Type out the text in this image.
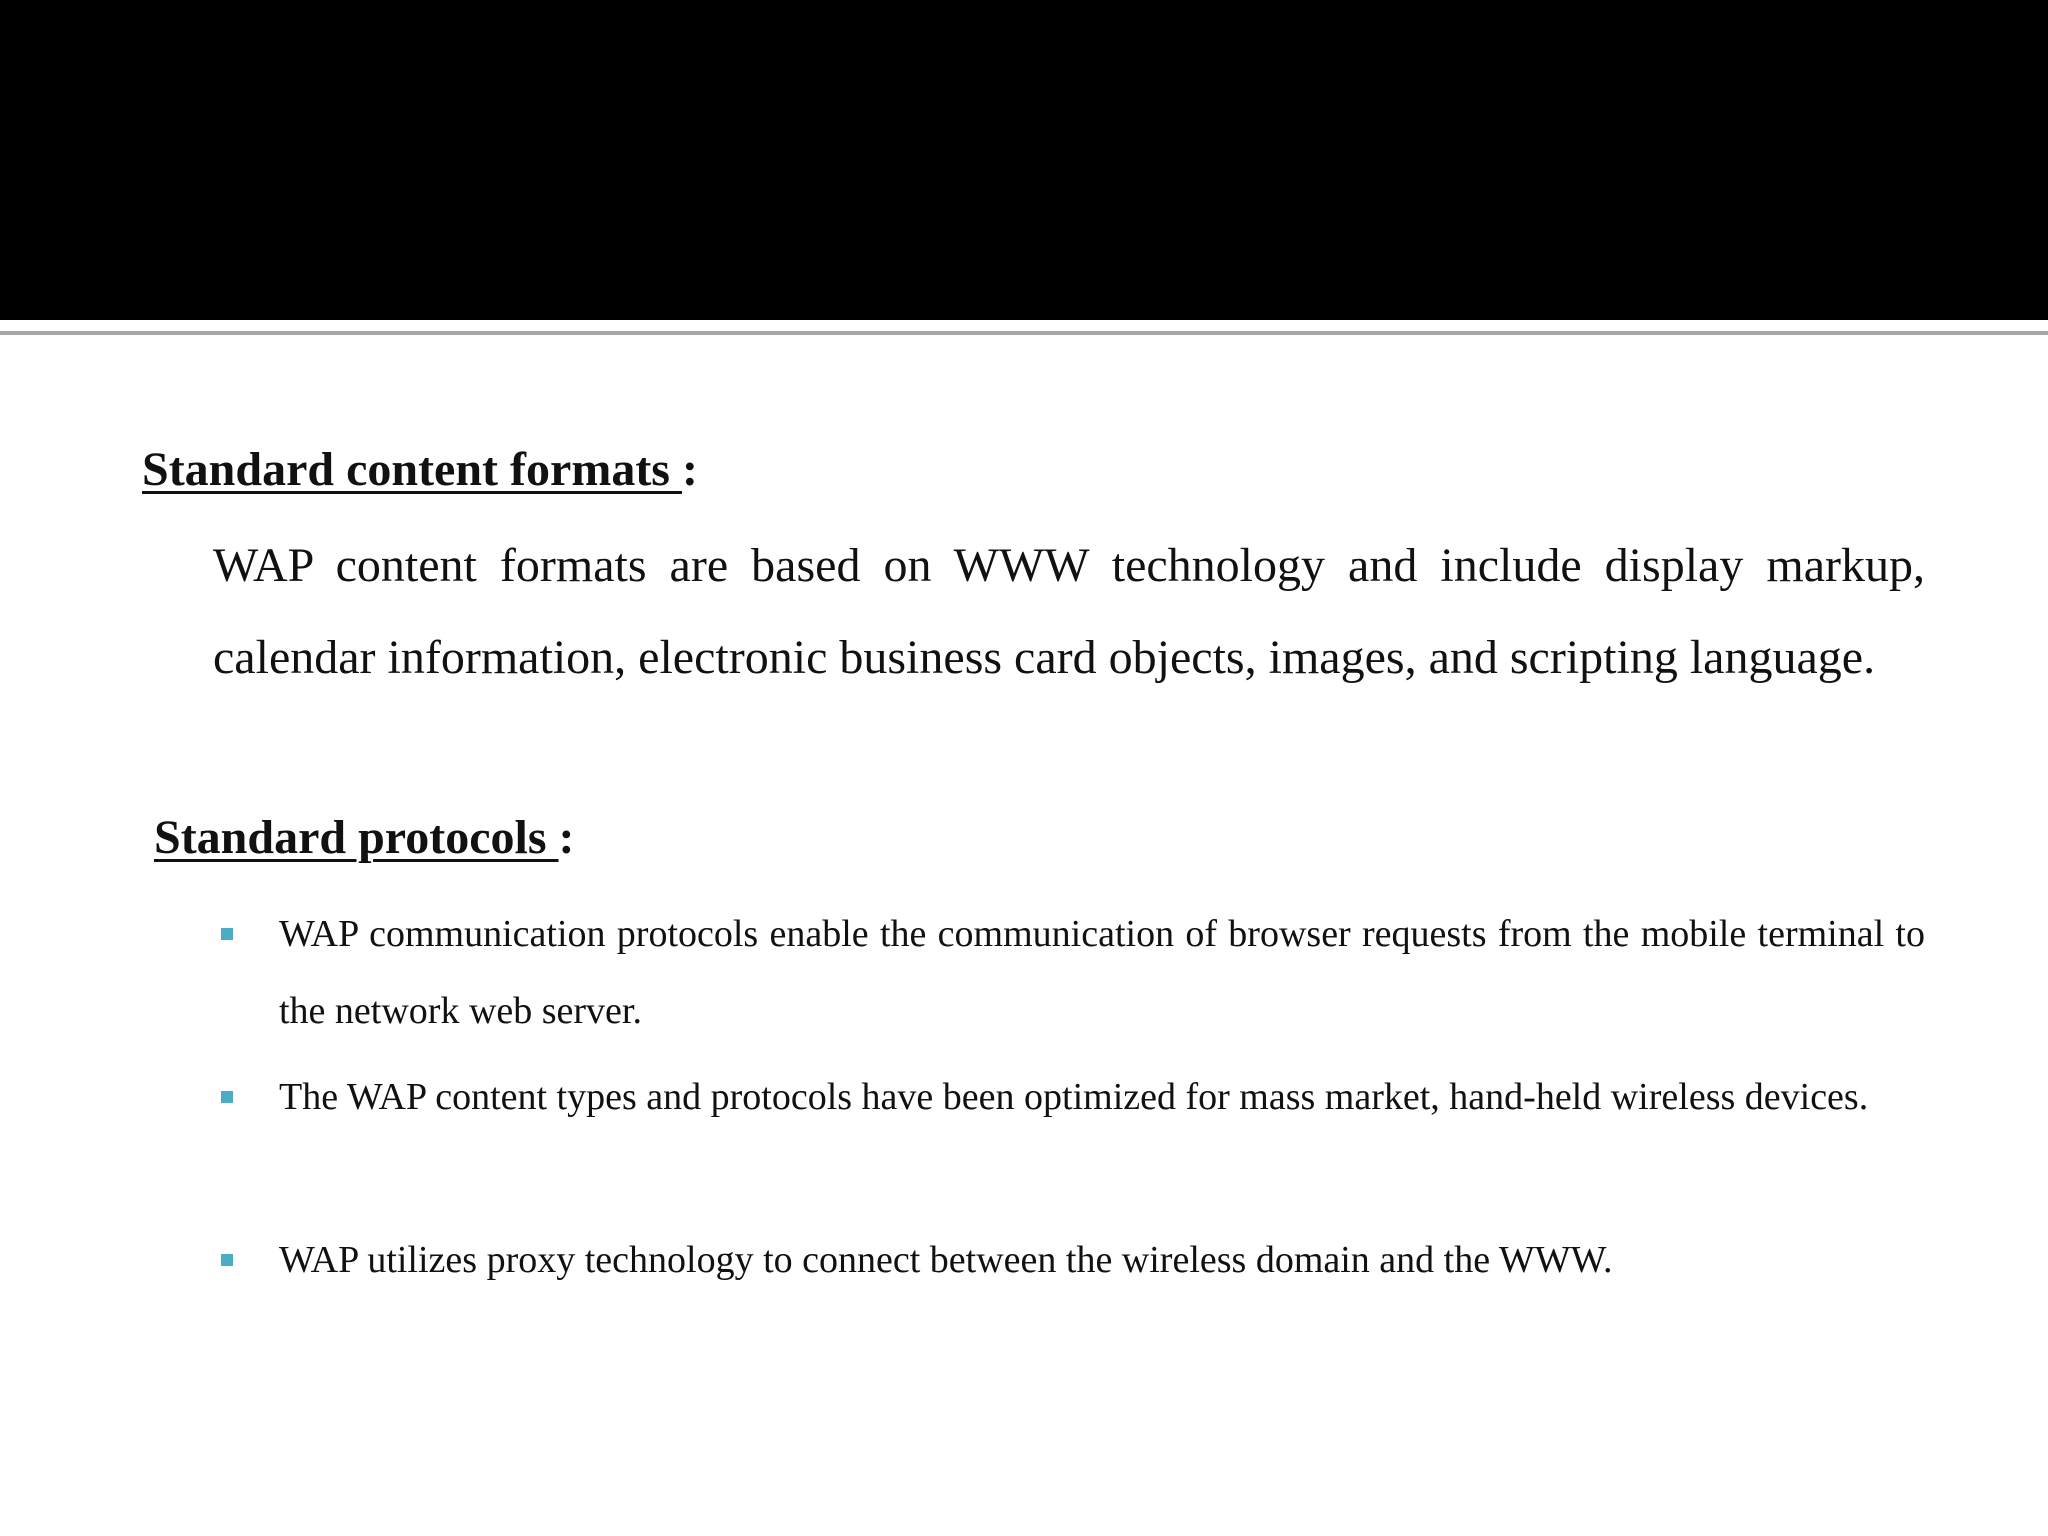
Standard content formats :
WAP content formats are based on WWW technology and include display markup, calendar information, electronic business card objects, images, and scripting language.
Standard protocols :
WAP communication protocols enable the communication of browser requests from the mobile terminal to the network web server.
The WAP content types and protocols have been optimized for mass market, hand-held wireless devices.
WAP utilizes proxy technology to connect between the wireless domain and the WWW.
